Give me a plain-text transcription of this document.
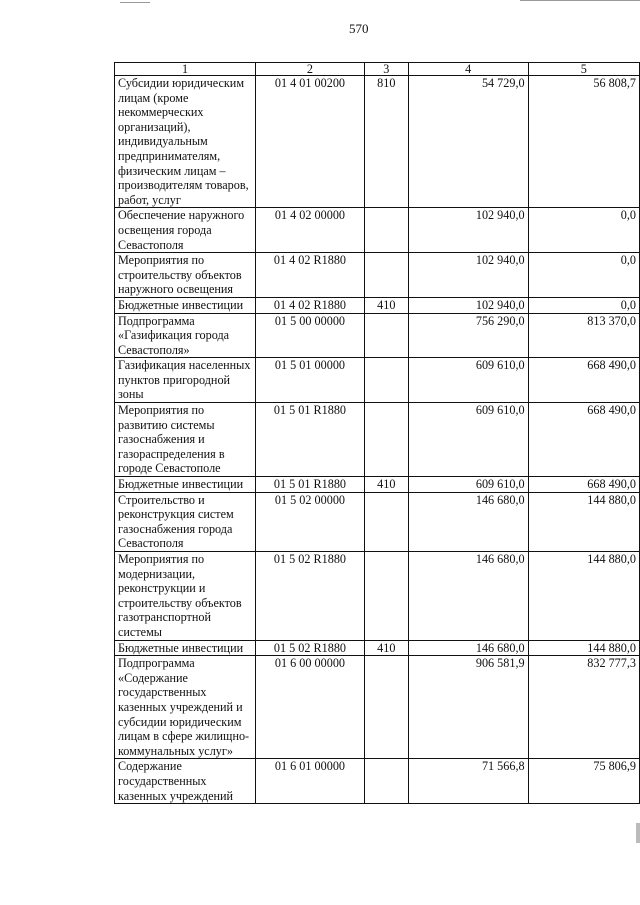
570
1	2	3	4	5
Субсидии юридическим лицам (кроме некоммерческих организаций), индивидуальным предпринимателям, физическим лицам – производителям товаров, работ, услуг	01 4 01 00200	810	54 729,0	56 808,7
Обеспечение наружного освещения города Севастополя	01 4 02 00000		102 940,0	0,0
Мероприятия по строительству объектов наружного освещения	01 4 02 R1880		102 940,0	0,0
Бюджетные инвестиции	01 4 02 R1880	410	102 940,0	0,0
Подпрограмма «Газификация города Севастополя»	01 5 00 00000		756 290,0	813 370,0
Газификация населенных пунктов пригородной зоны	01 5 01 00000		609 610,0	668 490,0
Мероприятия по развитию системы газоснабжения и газораспределения в городе Севастополе	01 5 01 R1880		609 610,0	668 490,0
Бюджетные инвестиции	01 5 01 R1880	410	609 610,0	668 490,0
Строительство и реконструкция систем газоснабжения города Севастополя	01 5 02 00000		146 680,0	144 880,0
Мероприятия по модернизации, реконструкции и строительству объектов газотранспортной системы	01 5 02 R1880		146 680,0	144 880,0
Бюджетные инвестиции	01 5 02 R1880	410	146 680,0	144 880,0
Подпрограмма «Содержание государственных казенных учреждений и субсидии юридическим лицам в сфере жилищно-коммунальных услуг»	01 6 00 00000		906 581,9	832 777,3
Содержание государственных казенных учреждений	01 6 01 00000		71 566,8	75 806,9
